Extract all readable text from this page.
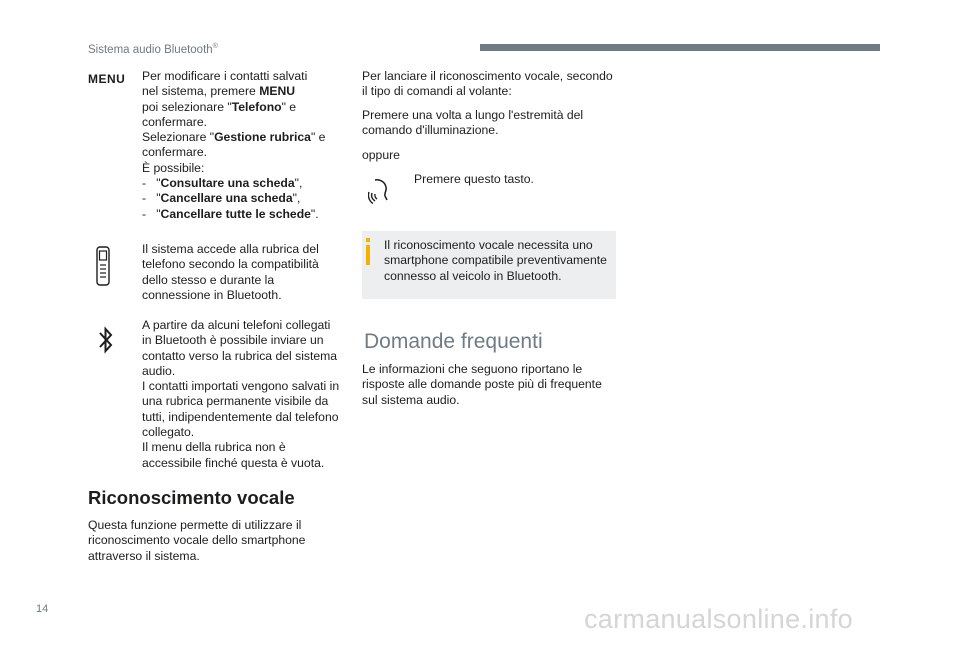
Sistema audio Bluetooth®
MENU Per modificare i contatti salvati
nel sistema, premere MENU
poi selezionare "Telefono" e
confermare.
Selezionare "Gestione rubrica" e
confermare.
È possibile:
-   "Consultare una scheda",
-   "Cancellare una scheda",
-   "Cancellare tutte le schede".
Il sistema accede alla rubrica del
telefono secondo la compatibilità
dello stesso e durante la
connessione in Bluetooth.
A partire da alcuni telefoni collegati
in Bluetooth è possibile inviare un
contatto verso la rubrica del sistema
audio.
I contatti importati vengono salvati in
una rubrica permanente visibile da
tutti, indipendentemente dal telefono
collegato.
Il menu della rubrica non è
accessibile finché questa è vuota.
Riconoscimento vocale
Questa funzione permette di utilizzare il
riconoscimento vocale dello smartphone
attraverso il sistema.
Per lanciare il riconoscimento vocale, secondo
il tipo di comandi al volante:
Premere una volta a lungo l'estremità del
comando d'illuminazione.
oppure
Premere questo tasto.
Il riconoscimento vocale necessita uno
smartphone compatibile preventivamente
connesso al veicolo in Bluetooth.
Domande frequenti
Le informazioni che seguono riportano le
risposte alle domande poste più di frequente
sul sistema audio.
14	carmanualsonline.info
